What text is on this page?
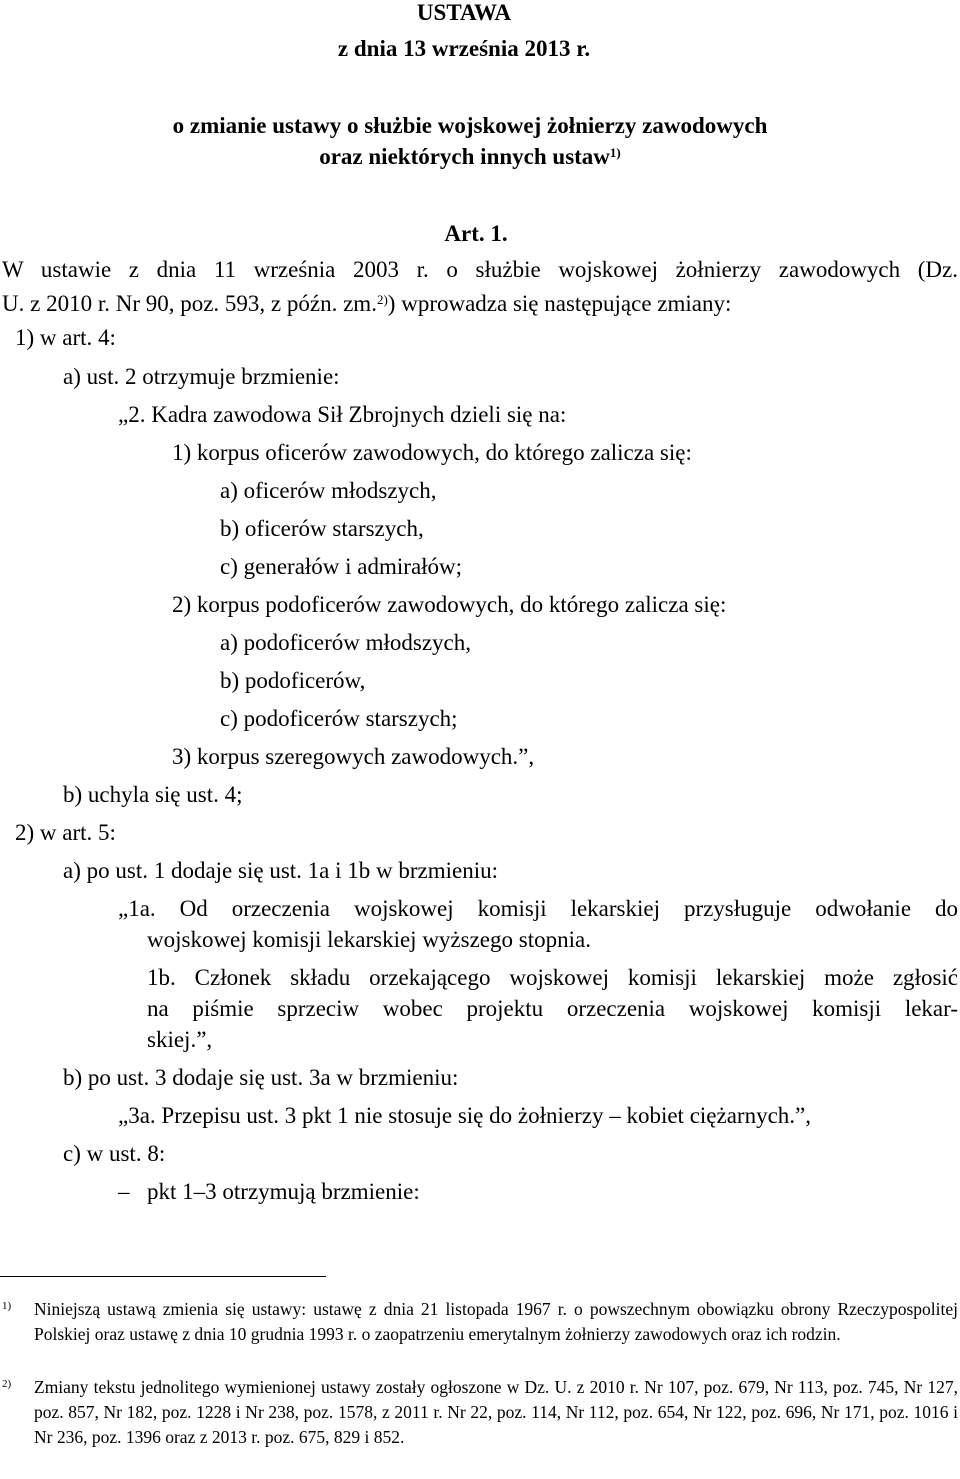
USTAWA
z dnia 13 września 2013 r.
o zmianie ustawy o służbie wojskowej żołnierzy zawodowych
oraz niektórych innych ustaw$^{1)}$
Art. 1.
W ustawie z dnia 11 września 2003 r. o służbie wojskowej żołnierzy zawodowych (Dz.
U. z 2010 r. Nr 90, poz. 593, z późn. zm.$^{2)}$) wprowadza się następujące zmiany:
1) w art. 4:
a) ust. 2 otrzymuje brzmienie:
„2. Kadra zawodowa Sił Zbrojnych dzieli się na:
1) korpus oficerów zawodowych, do którego zalicza się:
a) oficerów młodszych,
b) oficerów starszych,
c) generałów i admirałów;
2) korpus podoficerów zawodowych, do którego zalicza się:
a) podoficerów młodszych,
b) podoficerów,
c) podoficerów starszych;
3) korpus szeregowych zawodowych.”,
b) uchyla się ust. 4;
2) w art. 5:
a) po ust. 1 dodaje się ust. 1a i 1b w brzmieniu:
„1a. Od orzeczenia wojskowej komisji lekarskiej przysługuje odwołanie do
wojskowej komisji lekarskiej wyższego stopnia.
1b. Członek składu orzekającego wojskowej komisji lekarskiej może zgłosić
na piśmie sprzeciw wobec projektu orzeczenia wojskowej komisji lekar-
skiej.”,
b) po ust. 3 dodaje się ust. 3a w brzmieniu:
„3a. Przepisu ust. 3 pkt 1 nie stosuje się do żołnierzy – kobiet ciężarnych.”,
c) w ust. 8:
– pkt 1–3 otrzymują brzmienie:
1) Niniejszą ustawą zmienia się ustawy: ustawę z dnia 21 listopada 1967 r. o powszechnym obowiązku obrony Rzeczypospolitej Polskiej oraz ustawę z dnia 10 grudnia 1993 r. o zaopatrzeniu emerytalnym żołnierzy zawodowych oraz ich rodzin.
2) Zmiany tekstu jednolitego wymienionej ustawy zostały ogłoszone w Dz. U. z 2010 r. Nr 107, poz. 679, Nr 113, poz. 745, Nr 127, poz. 857, Nr 182, poz. 1228 i Nr 238, poz. 1578, z 2011 r. Nr 22, poz. 114, Nr 112, poz. 654, Nr 122, poz. 696, Nr 171, poz. 1016 i Nr 236, poz. 1396 oraz z 2013 r. poz. 675, 829 i 852.
